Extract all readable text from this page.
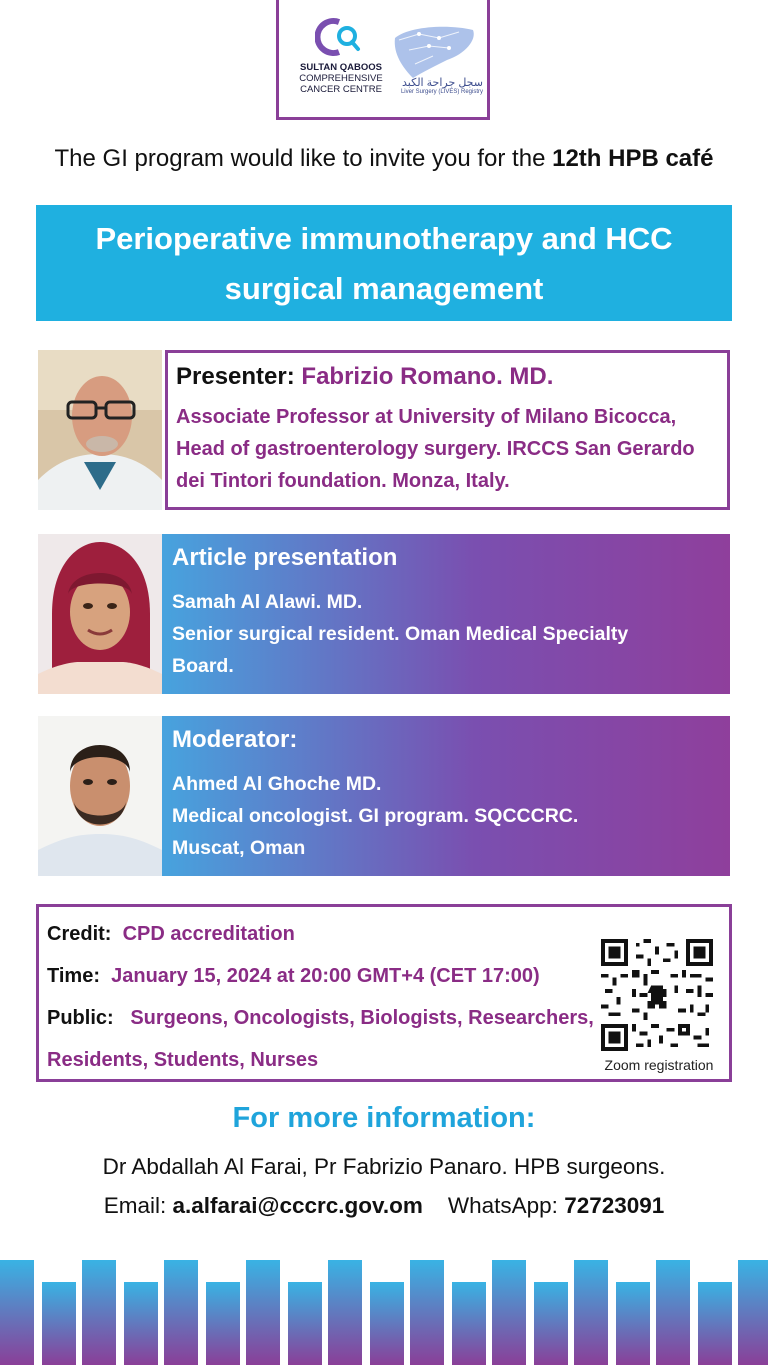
SULTAN QABOOS
COMPREHENSIVE
CANCER CENTRE
سجل جراحة الكبد
Liver Surgery (LIVES) Registry
The GI program would like to invite you for the 12th HPB café
Perioperative immunotherapy and HCC
surgical management
Presenter: Fabrizio Romano. MD.
Associate Professor at University of Milano Bicocca,
Head of gastroenterology surgery. IRCCS San Gerardo
dei Tintori foundation. Monza, Italy.
Article presentation
Samah Al Alawi. MD.
Senior surgical resident. Oman Medical Specialty
Board.
Moderator:
Ahmed Al Ghoche MD.
Medical oncologist. GI program. SQCCCRC.
Muscat, Oman
Credit: CPD accreditation
Time: January 15, 2024 at 20:00 GMT+4 (CET 17:00)
Public: Surgeons, Oncologists, Biologists, Researchers,
Residents, Students, Nurses	Zoom registration
For more information:
Dr Abdallah Al Farai, Pr Fabrizio Panaro. HPB surgeons.
Email: a.alfarai@cccrc.gov.om WhatsApp: 72723091
